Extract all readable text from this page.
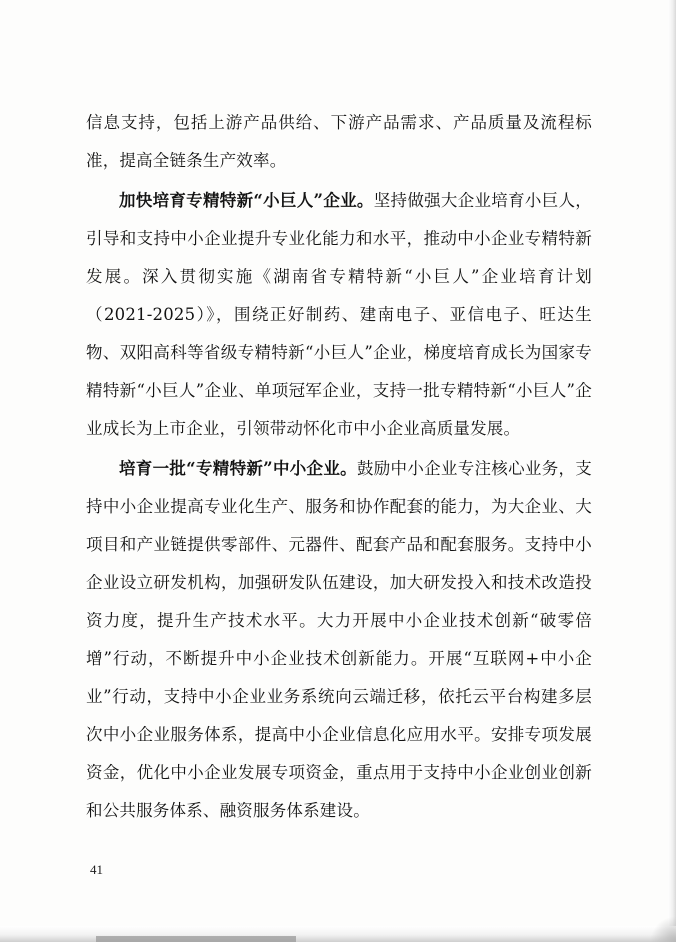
信息支持，包括上游产品供给、下游产品需求、产品质量及流程标准，提高全链条生产效率。

加快培育专精特新“小巨人”企业。坚持做强大企业培育小巨人，引导和支持中小企业提升专业化能力和水平，推动中小企业专精特新发展。深入贯彻实施《湖南省专精特新“小巨人”企业培育计划（2021-2025）》，围绕正好制药、建南电子、亚信电子、旺达生物、双阳高科等省级专精特新“小巨人”企业，梯度培育成长为国家专精特新“小巨人”企业、单项冠军企业，支持一批专精特新“小巨人”企业成长为上市企业，引领带动怀化市中小企业高质量发展。

培育一批“专精特新”中小企业。鼓励中小企业专注核心业务，支持中小企业提高专业化生产、服务和协作配套的能力，为大企业、大项目和产业链提供零部件、元器件、配套产品和配套服务。支持中小企业设立研发机构，加强研发队伍建设，加大研发投入和技术改造投资力度，提升生产技术水平。大力开展中小企业技术创新“破零倍增”行动，不断提升中小企业技术创新能力。开展“互联网+中小企业”行动，支持中小企业业务系统向云端迁移，依托云平台构建多层次中小企业服务体系，提高中小企业信息化应用水平。安排专项发展资金，优化中小企业发展专项资金，重点用于支持中小企业创业创新和公共服务体系、融资服务体系建设。

41
